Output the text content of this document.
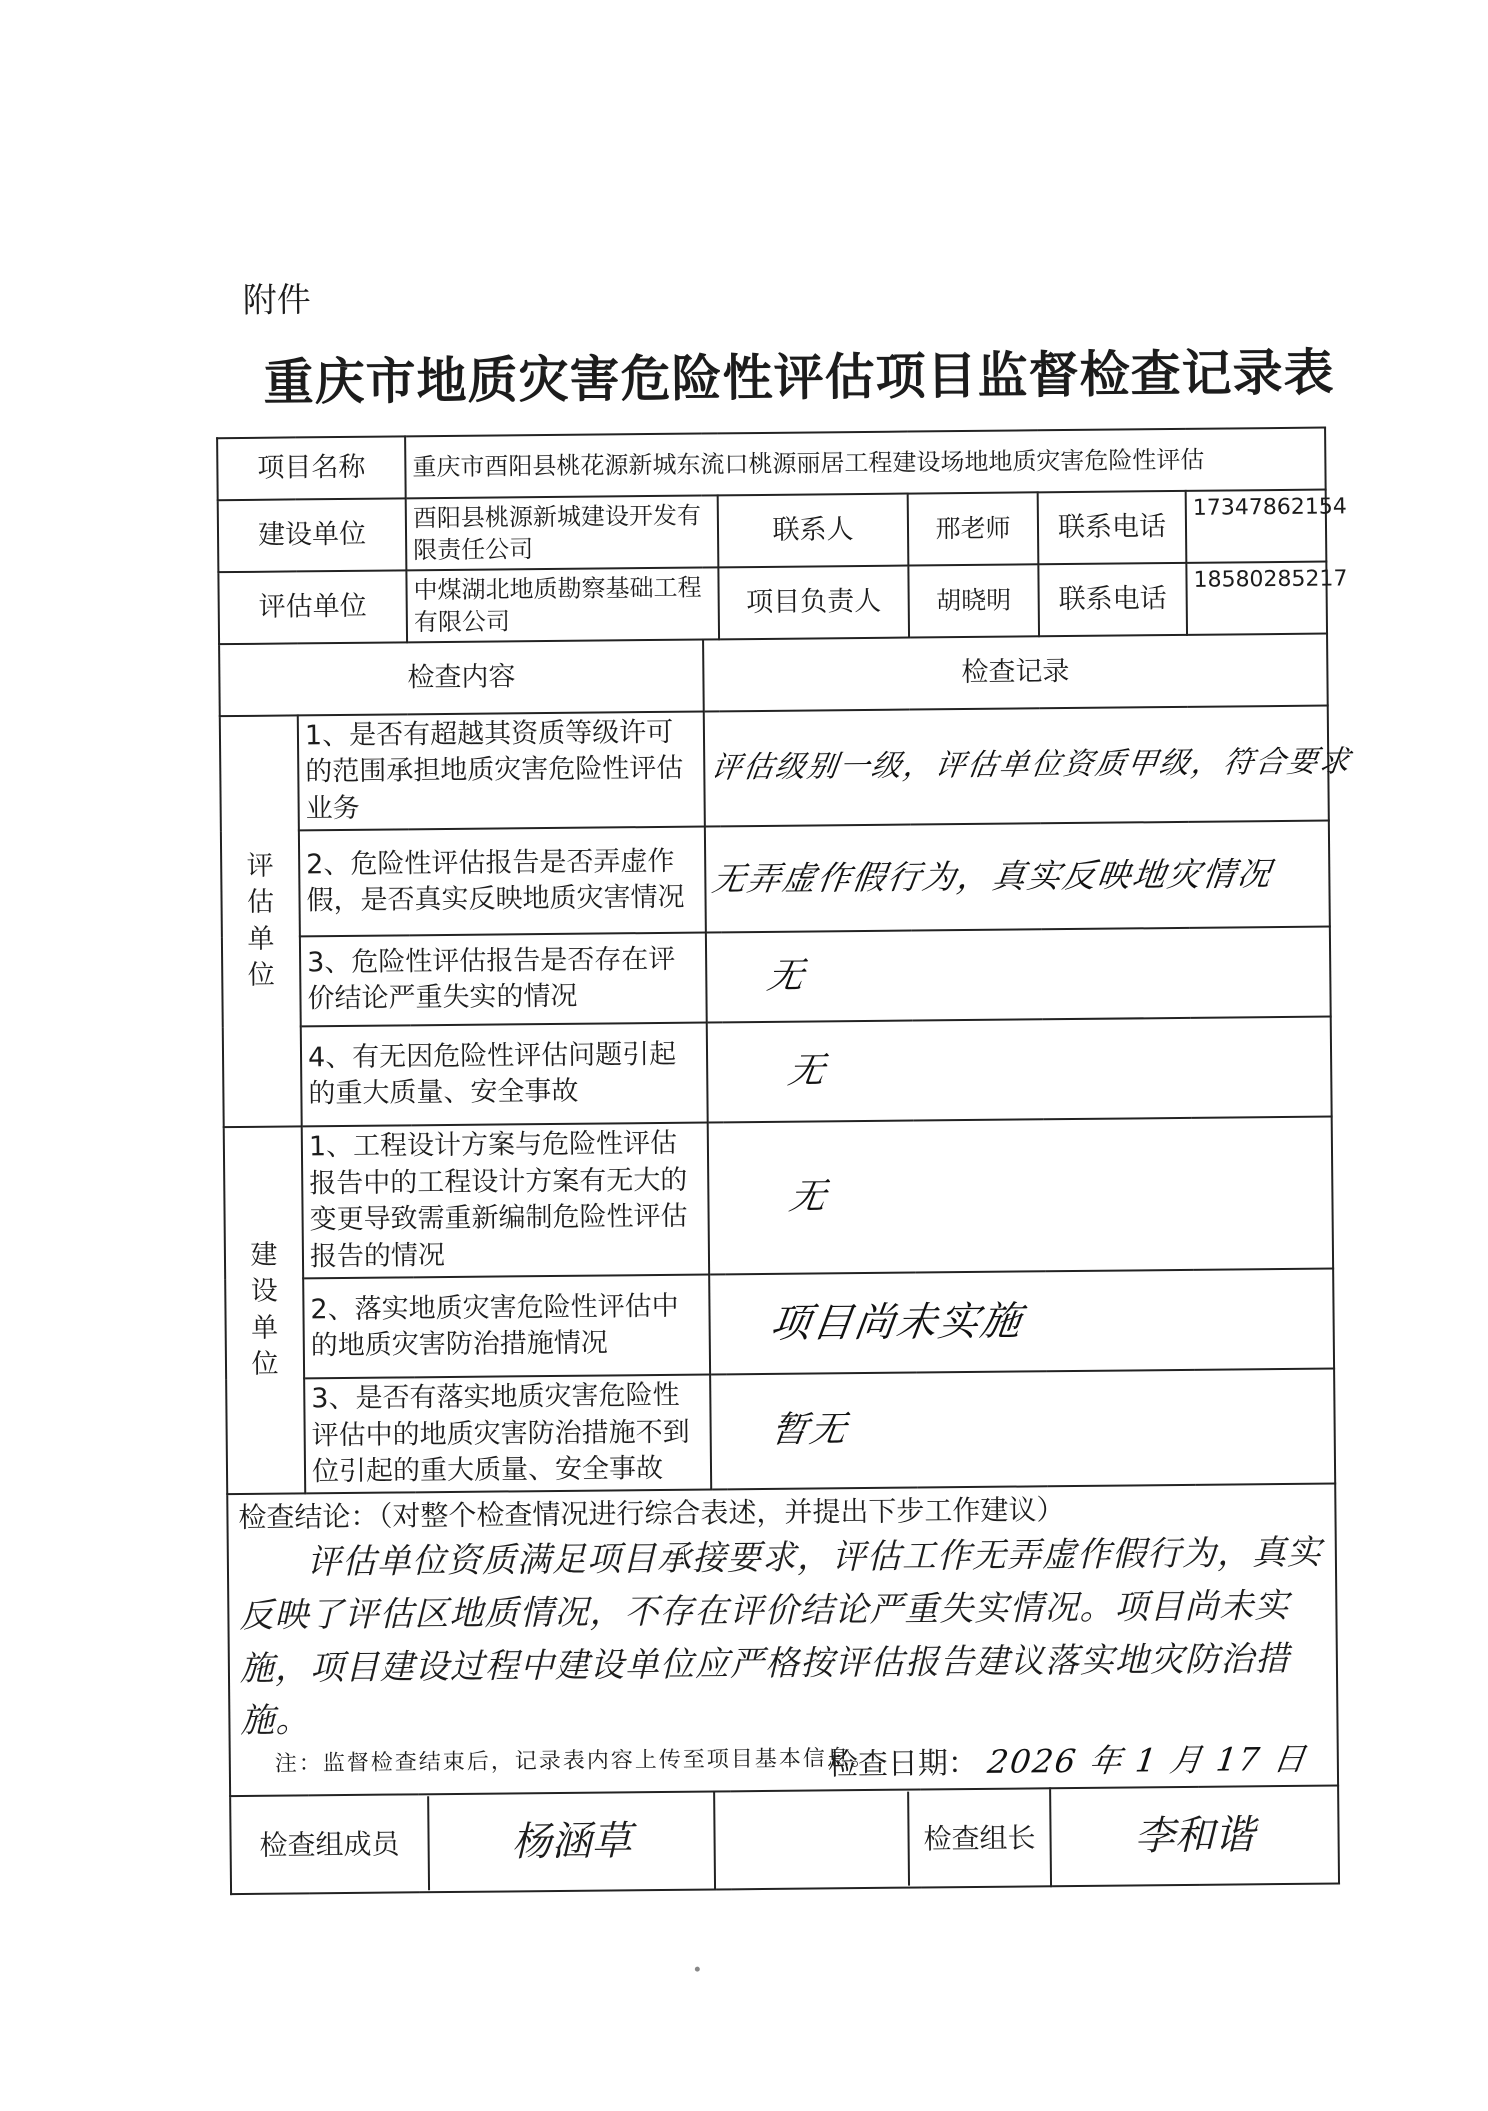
附件
重庆市地质灾害危险性评估项目监督检查记录表
项目名称		重庆市酉阳县桃花源新城东流口桃源丽居工程建设场地地质灾害危险性评估					
建设单位		酉阳县桃源新城建设开发有限责任公司		联系人	邢老师	联系电话	17347862154
评估单位		中煤湖北地质勘察基础工程有限公司		项目负责人	胡晓明	联系电话	18580285217
检查内容			检查记录				
评估单位	1、是否有超越其资质等级许可的范围承担地质灾害危险性评估业务		评估级别一级，评估单位资质甲级，符合要求				
	2、危险性评估报告是否弄虚作假，是否真实反映地质灾害情况		无弄虚作假行为，真实反映地灾情况				
	3、危险性评估报告是否存在评价结论严重失实的情况		无				
	4、有无因危险性评估问题引起的重大质量、安全事故		无				
建设单位	1、工程设计方案与危险性评估报告中的工程设计方案有无大的变更导致需重新编制危险性评估报告的情况		无				
	2、落实地质灾害危险性评估中的地质灾害防治措施情况		项目尚未实施				
	3、是否有落实地质灾害危险性评估中的地质灾害防治措施不到位引起的重大质量、安全事故		暂无				

检查结论：（对整个检查情况进行综合表述，并提出下步工作建议）
评估单位资质满足项目承接要求，评估工作无弄虚作假行为，真实反映了评估区地质情况，不存在评价结论严重失实情况。项目尚未实施，项目建设过程中建设单位应严格按评估报告建议落实地灾防治措施。
检查日期： 2026 年 1 月 17 日							

检查组成员 杨涵草			检查组长			李和谐	
注：监督检查结束后，记录表内容上传至项目基本信息。
